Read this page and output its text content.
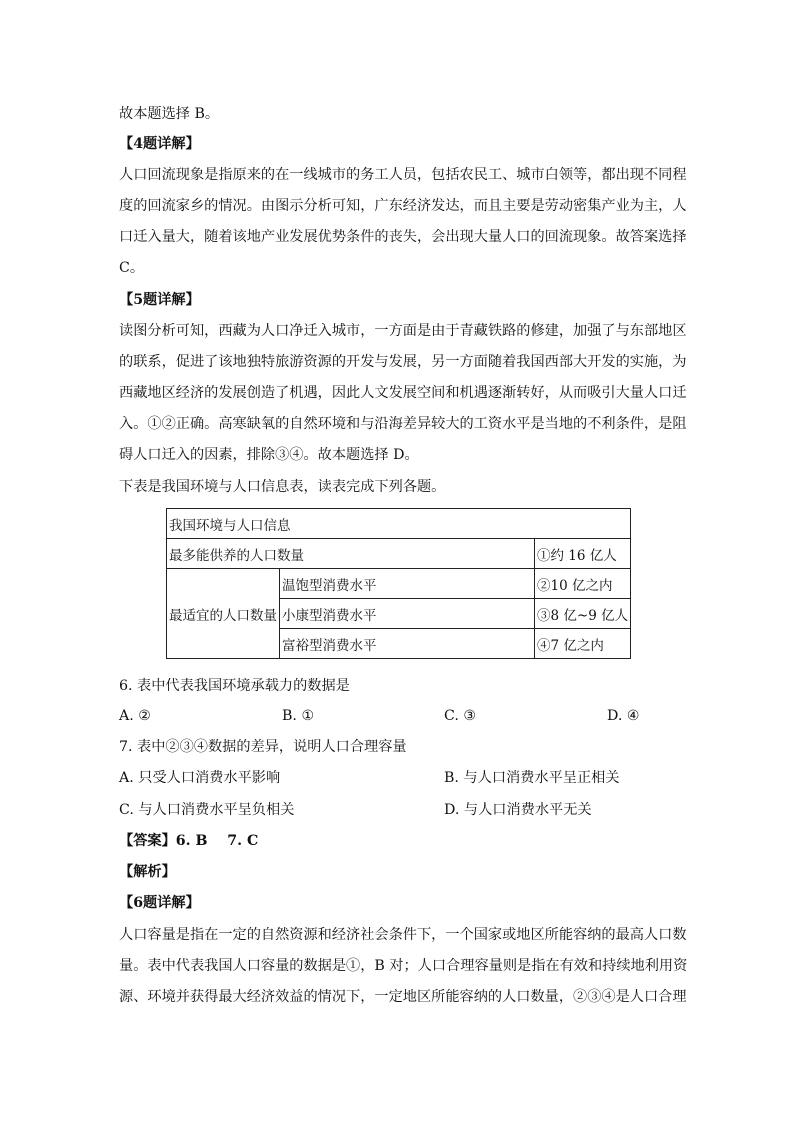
故本题选择 B。
【4题详解】
人口回流现象是指原来的在一线城市的务工人员，包括农民工、城市白领等，都出现不同程
度的回流家乡的情况。由图示分析可知，广东经济发达，而且主要是劳动密集产业为主，人
口迁入量大，随着该地产业发展优势条件的丧失，会出现大量人口的回流现象。故答案选择
C。
【5题详解】
读图分析可知，西藏为人口净迁入城市，一方面是由于青藏铁路的修建，加强了与东部地区
的联系，促进了该地独特旅游资源的开发与发展，另一方面随着我国西部大开发的实施，为
西藏地区经济的发展创造了机遇，因此人文发展空间和机遇逐渐转好，从而吸引大量人口迁
入。①②正确。高寒缺氧的自然环境和与沿海差异较大的工资水平是当地的不利条件，是阻
碍人口迁入的因素，排除③④。故本题选择 D。
下表是我国环境与人口信息表，读表完成下列各题。
我国环境与人口信息		
最多能供养的人口数量		①约 16 亿人
最适宜的人口数量	温饱型消费水平	②10 亿之内
	小康型消费水平	③8 亿~9 亿人
	富裕型消费水平	④7 亿之内
6. 表中代表我国环境承载力的数据是
A. ②	B. ①	C. ③	D. ④
7. 表中②③④数据的差异，说明人口合理容量
A. 只受人口消费水平影响	B. 与人口消费水平呈正相关
C. 与人口消费水平呈负相关	D. 与人口消费水平无关
【答案】6. B    7. C
【解析】
【6题详解】
人口容量是指在一定的自然资源和经济社会条件下，一个国家或地区所能容纳的最高人口数
量。表中代表我国人口容量的数据是①，B 对；人口合理容量则是指在有效和持续地利用资
源、环境并获得最大经济效益的情况下，一定地区所能容纳的人口数量，②③④是人口合理
